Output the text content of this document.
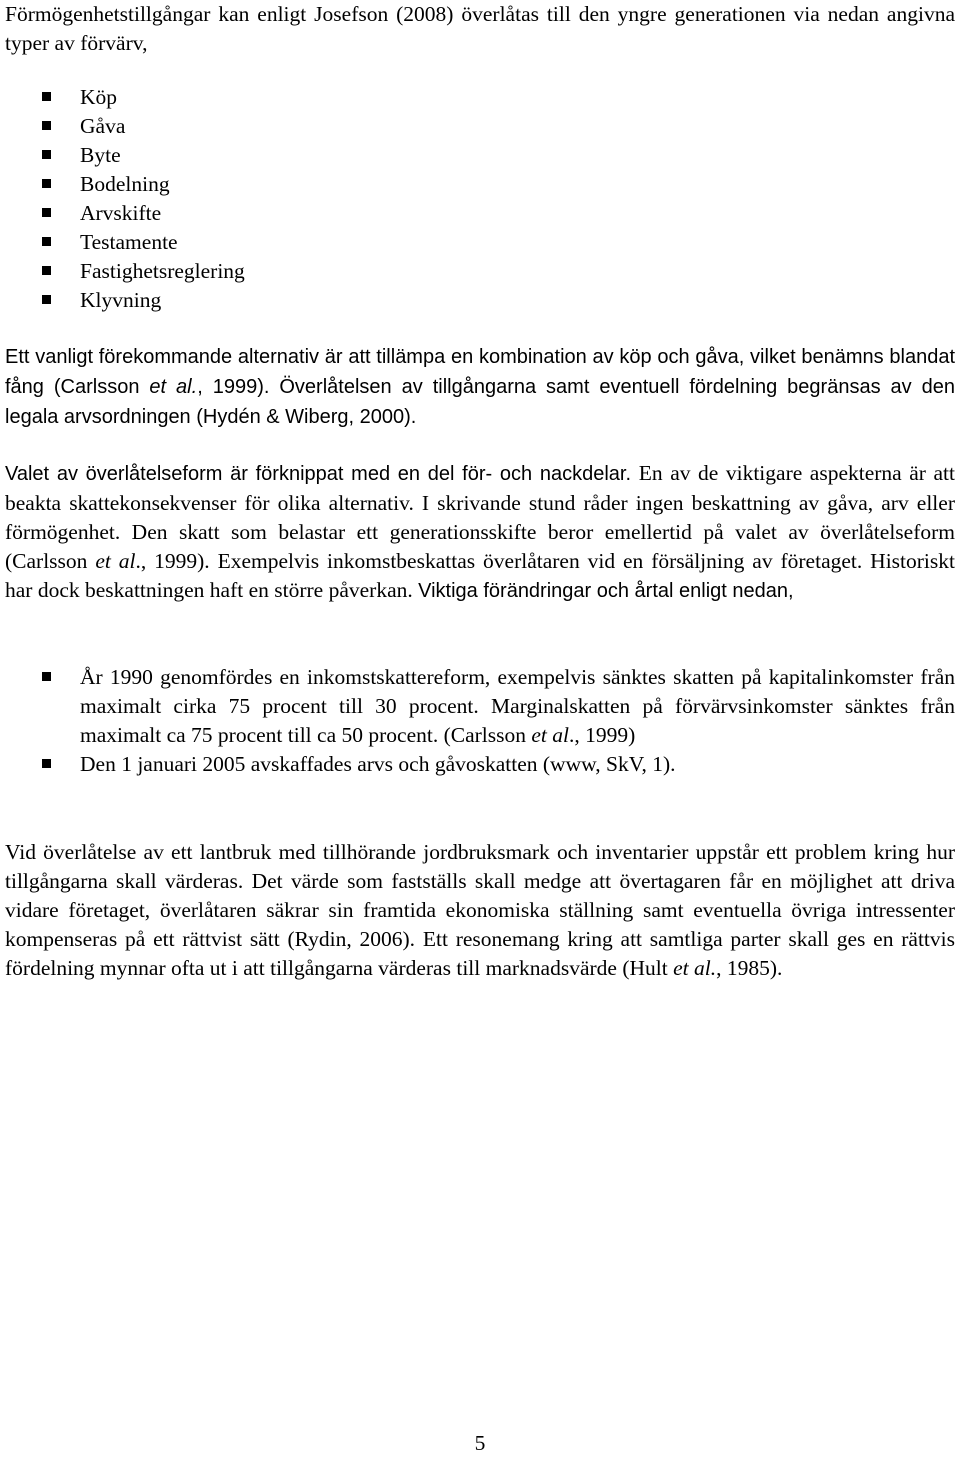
Förmögenhetstillgångar kan enligt Josefson (2008) överlåtas till den yngre generationen via nedan angivna typer av förvärv,

Köp
Gåva
Byte
Bodelning
Arvskifte
Testamente
Fastighetsreglering
Klyvning

Ett vanligt förekommande alternativ är att tillämpa en kombination av köp och gåva, vilket benämns blandat fång (Carlsson et al., 1999). Överlåtelsen av tillgångarna samt eventuell fördelning begränsas av den legala arvsordningen (Hydén & Wiberg, 2000).

Valet av överlåtelseform är förknippat med en del för- och nackdelar. En av de viktigare aspekterna är att beakta skattekonsekvenser för olika alternativ. I skrivande stund råder ingen beskattning av gåva, arv eller förmögenhet. Den skatt som belastar ett generationsskifte beror emellertid på valet av överlåtelseform (Carlsson et al., 1999). Exempelvis inkomstbeskattas överlåtaren vid en försäljning av företaget. Historiskt har dock beskattningen haft en större påverkan. Viktiga förändringar och årtal enligt nedan,

År 1990 genomfördes en inkomstskattereform, exempelvis sänktes skatten på kapitalinkomster från maximalt cirka 75 procent till 30 procent. Marginalskatten på förvärvsinkomster sänktes från maximalt ca 75 procent till ca 50 procent. (Carlsson et al., 1999)
Den 1 januari 2005 avskaffades arvs och gåvoskatten (www, SkV, 1).

Vid överlåtelse av ett lantbruk med tillhörande jordbruksmark och inventarier uppstår ett problem kring hur tillgångarna skall värderas. Det värde som fastställs skall medge att övertagaren får en möjlighet att driva vidare företaget, överlåtaren säkrar sin framtida ekonomiska ställning samt eventuella övriga intressenter kompenseras på ett rättvist sätt (Rydin, 2006). Ett resonemang kring att samtliga parter skall ges en rättvis fördelning mynnar ofta ut i att tillgångarna värderas till marknadsvärde (Hult et al., 1985).

5
